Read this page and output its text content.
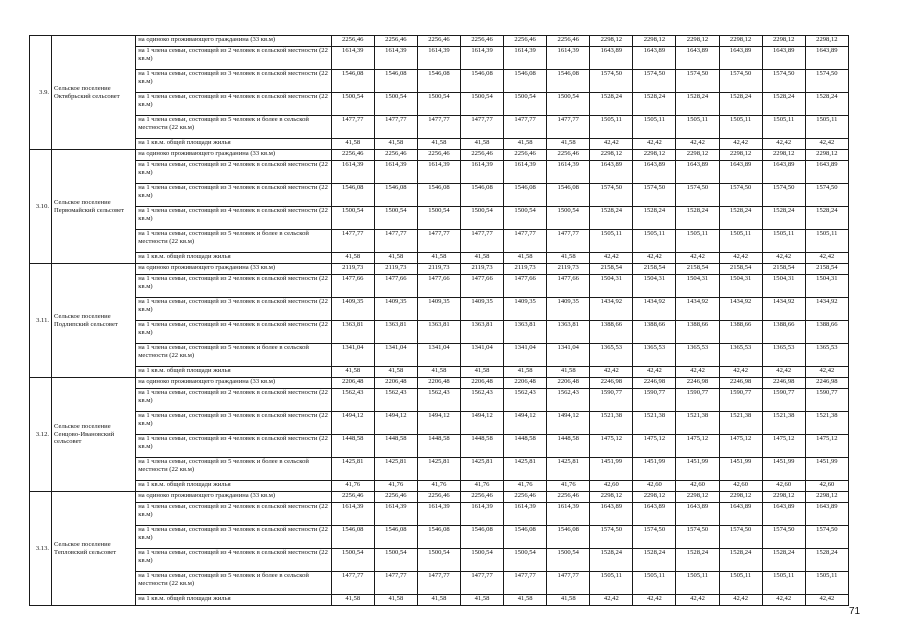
3.9.	Сельское поселение Октябрьский сельсовет	на одиноко проживающего гражданина (33 кв.м)	2256,46	2256,46	2256,46	2256,46	2256,46	2256,46	2298,12	2298,12	2298,12	2298,12	2298,12	2298,12
		на 1 члена семьи, состоящей из 2 человек в сельской местности (22 кв.м)	1614,39	1614,39	1614,39	1614,39	1614,39	1614,39	1643,89	1643,89	1643,89	1643,89	1643,89	1643,89
		на 1 члена семьи, состоящей из 3 человек в сельской местности (22 кв.м)	1546,08	1546,08	1546,08	1546,08	1546,08	1546,08	1574,50	1574,50	1574,50	1574,50	1574,50	1574,50
		на 1 члена семьи, состоящей из 4 человек в сельской местности (22 кв.м)	1500,54	1500,54	1500,54	1500,54	1500,54	1500,54	1528,24	1528,24	1528,24	1528,24	1528,24	1528,24
		на 1 члена семьи, состоящей из 5 человек и более в сельской местности (22 кв.м)	1477,77	1477,77	1477,77	1477,77	1477,77	1477,77	1505,11	1505,11	1505,11	1505,11	1505,11	1505,11
		на 1 кв.м. общей площади жилья	41,58	41,58	41,58	41,58	41,58	41,58	42,42	42,42	42,42	42,42	42,42	42,42
3.10.	Сельское поселение Первомайский сельсовет	на одиноко проживающего гражданина (33 кв.м)	2256,46	2256,46	2256,46	2256,46	2256,46	2256,46	2298,12	2298,12	2298,12	2298,12	2298,12	2298,12
		на 1 члена семьи, состоящей из 2 человек в сельской местности (22 кв.м)	1614,39	1614,39	1614,39	1614,39	1614,39	1614,39	1643,89	1643,89	1643,89	1643,89	1643,89	1643,89
		на 1 члена семьи, состоящей из 3 человек в сельской местности (22 кв.м)	1546,08	1546,08	1546,08	1546,08	1546,08	1546,08	1574,50	1574,50	1574,50	1574,50	1574,50	1574,50
		на 1 члена семьи, состоящей из 4 человек в сельской местности (22 кв.м)	1500,54	1500,54	1500,54	1500,54	1500,54	1500,54	1528,24	1528,24	1528,24	1528,24	1528,24	1528,24
		на 1 члена семьи, состоящей из 5 человек и более в сельской местности (22 кв.м)	1477,77	1477,77	1477,77	1477,77	1477,77	1477,77	1505,11	1505,11	1505,11	1505,11	1505,11	1505,11
		на 1 кв.м. общей площади жилья	41,58	41,58	41,58	41,58	41,58	41,58	42,42	42,42	42,42	42,42	42,42	42,42
3.11.	Сельское поселение Подлипский сельсовет	на одиноко проживающего гражданина (33 кв.м)	2119,73	2119,73	2119,73	2119,73	2119,73	2119,73	2158,54	2158,54	2158,54	2158,54	2158,54	2158,54
		на 1 члена семьи, состоящей из 2 человек в сельской местности (22 кв.м)	1477,66	1477,66	1477,66	1477,66	1477,66	1477,66	1504,31	1504,31	1504,31	1504,31	1504,31	1504,31
		на 1 члена семьи, состоящей из 3 человек в сельской местности (22 кв.м)	1409,35	1409,35	1409,35	1409,35	1409,35	1409,35	1434,92	1434,92	1434,92	1434,92	1434,92	1434,92
		на 1 члена семьи, состоящей из 4 человек в сельской местности (22 кв.м)	1363,81	1363,81	1363,81	1363,81	1363,81	1363,81	1388,66	1388,66	1388,66	1388,66	1388,66	1388,66
		на 1 члена семьи, состоящей из 5 человек и более в сельской местности (22 кв.м)	1341,04	1341,04	1341,04	1341,04	1341,04	1341,04	1365,53	1365,53	1365,53	1365,53	1365,53	1365,53
		на 1 кв.м. общей площади жилья	41,58	41,58	41,58	41,58	41,58	41,58	42,42	42,42	42,42	42,42	42,42	42,42
3.12.	Сельское поселение Сенцово-Ивановский сельсовет	на одиноко проживающего гражданина (33 кв.м)	2206,48	2206,48	2206,48	2206,48	2206,48	2206,48	2246,98	2246,98	2246,98	2246,98	2246,98	2246,98
		на 1 члена семьи, состоящей из 2 человек в сельской местности (22 кв.м)	1562,43	1562,43	1562,43	1562,43	1562,43	1562,43	1590,77	1590,77	1590,77	1590,77	1590,77	1590,77
		на 1 члена семьи, состоящей из 3 человек в сельской местности (22 кв.м)	1494,12	1494,12	1494,12	1494,12	1494,12	1494,12	1521,38	1521,38	1521,38	1521,38	1521,38	1521,38
		на 1 члена семьи, состоящей из 4 человек в сельской местности (22 кв.м)	1448,58	1448,58	1448,58	1448,58	1448,58	1448,58	1475,12	1475,12	1475,12	1475,12	1475,12	1475,12
		на 1 члена семьи, состоящей из 5 человек и более в сельской местности (22 кв.м)	1425,81	1425,81	1425,81	1425,81	1425,81	1425,81	1451,99	1451,99	1451,99	1451,99	1451,99	1451,99
		на 1 кв.м. общей площади жилья	41,76	41,76	41,76	41,76	41,76	41,76	42,60	42,60	42,60	42,60	42,60	42,60
3.13.	Сельское поселение Тепловский сельсовет	на одиноко проживающего гражданина (33 кв.м)	2256,46	2256,46	2256,46	2256,46	2256,46	2256,46	2298,12	2298,12	2298,12	2298,12	2298,12	2298,12
		на 1 члена семьи, состоящей из 2 человек в сельской местности (22 кв.м)	1614,39	1614,39	1614,39	1614,39	1614,39	1614,39	1643,89	1643,89	1643,89	1643,89	1643,89	1643,89
		на 1 члена семьи, состоящей из 3 человек в сельской местности (22 кв.м)	1546,08	1546,08	1546,08	1546,08	1546,08	1546,08	1574,50	1574,50	1574,50	1574,50	1574,50	1574,50
		на 1 члена семьи, состоящей из 4 человек в сельской местности (22 кв.м)	1500,54	1500,54	1500,54	1500,54	1500,54	1500,54	1528,24	1528,24	1528,24	1528,24	1528,24	1528,24
		на 1 члена семьи, состоящей из 5 человек и более в сельской местности (22 кв.м)	1477,77	1477,77	1477,77	1477,77	1477,77	1477,77	1505,11	1505,11	1505,11	1505,11	1505,11	1505,11
		на 1 кв.м. общей площади жилья	41,58	41,58	41,58	41,58	41,58	41,58	42,42	42,42	42,42	42,42	42,42	42,42
71
